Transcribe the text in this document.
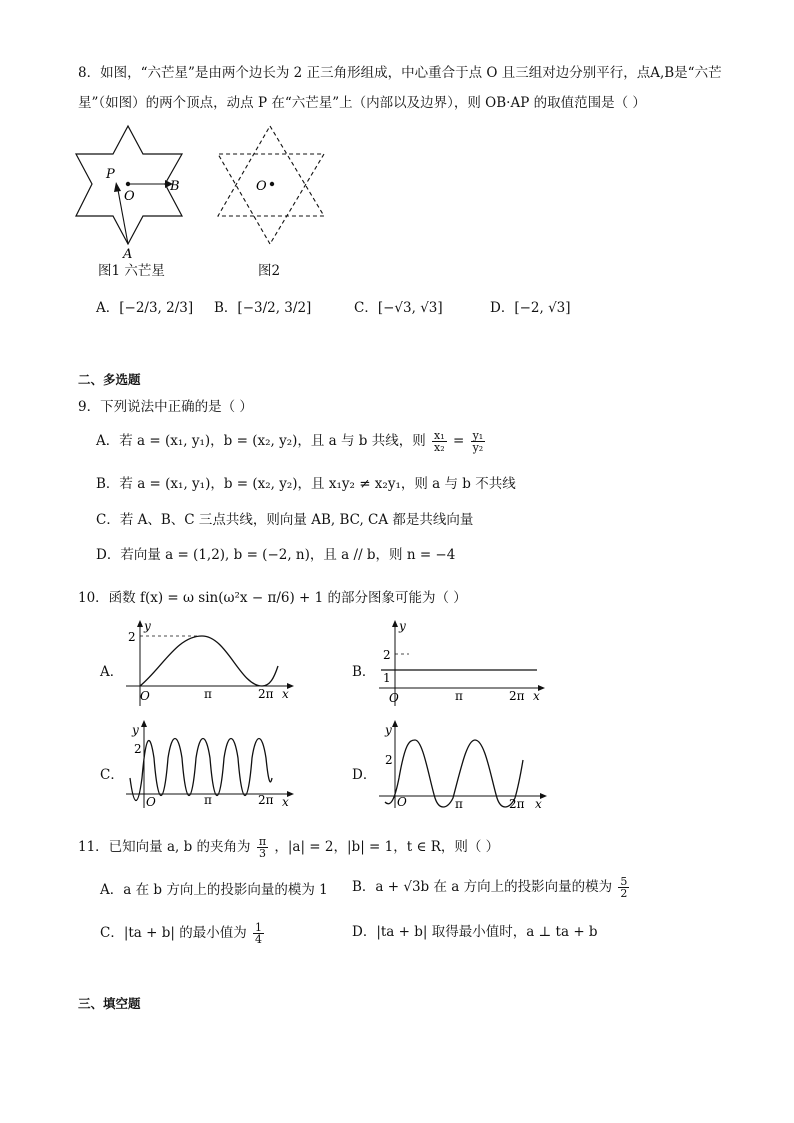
8．如图，“六芒星”是由两个边长为 2 正三角形组成，中心重合于点 O 且三组对边分别平行，点A,B是“六芒
星”（如图）的两个顶点，动点 P 在“六芒星”上（内部以及边界），则 OB·AP 的取值范围是（ ）
P
O
B
A
图1 六芒星
O
图2
A．[−2/3, 2/3] B．[−3/2, 3/2]	C．[−√3, √3]	D．[−2, √3]
二、多选题
9．下列说法中正确的是（ ）
A．若 a = (x₁, y₁)，b = (x₂, y₂)，且 a 与 b 共线，则 $\frac{\text{x₁}}{\text{x₂}} = \frac{\text{y₁}}{\text{y₂}}$
B．若 a = (x₁, y₁)，b = (x₂, y₂)，且 x₁y₂ ≠ x₂y₁，则 a 与 b 不共线
C．若 A、B、C 三点共线，则向量 AB, BC, CA 都是共线向量
D．若向量 a = (1,2), b = (−2, n)，且 a // b，则 n = −4
10．函数 f(x) = ω sin(ω²x − π/6) + 1 的部分图象可能为（ ）
A．
y
x
O
2
π	2π
B．
y
x
O
2
1
π	2π
C．
y
x
O
2
π	2π
D．
y
x
O
2
π	2π
11．已知向量 a, b 的夹角为 $\frac{\pi}{3}$ ，|a| = 2，|b| = 1，t ∈ R，则（ ）
A．a 在 b 方向上的投影向量的模为 1 B．a + √3b 在 a 方向上的投影向量的模为 $\frac{5}{2}$
C．|ta + b| 的最小值为 $\frac{1}{4}$	D．|ta + b| 取得最小值时，a ⊥ ta + b
三、填空题
